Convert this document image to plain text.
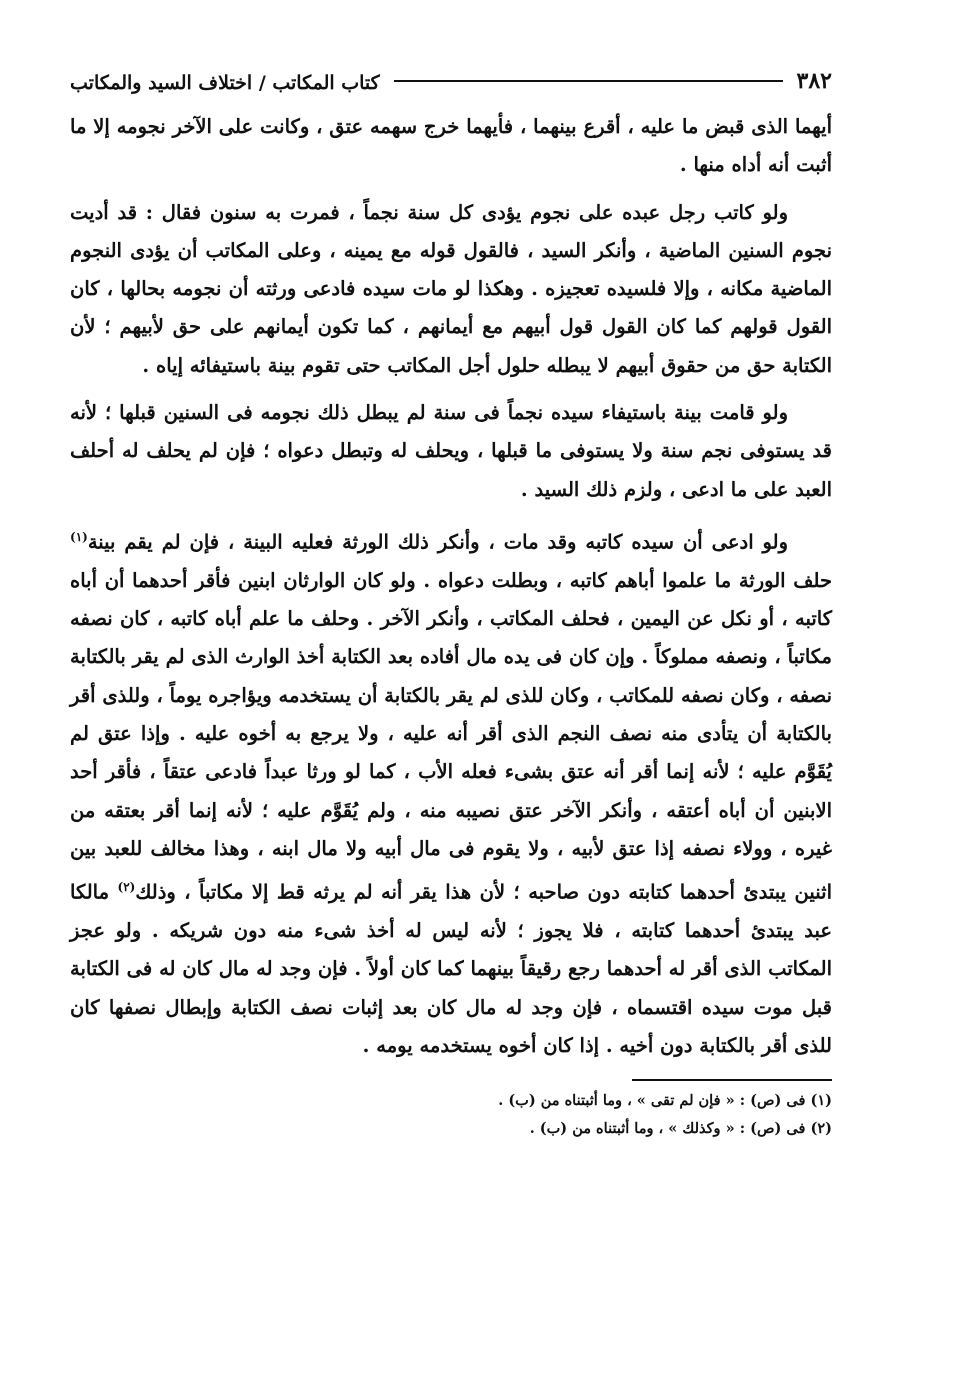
٣٨٢
كتاب المكاتب / اختلاف السيد والمكاتب

أيهما الذى قبض ما عليه ، أقرع بينهما ، فأيهما خرج سهمه عتق ، وكانت على الآخر نجومه إلا ما أثبت أنه أداه منها .

ولو كاتب رجل عبده على نجوم يؤدى كل سنة نجماً ، فمرت به سنون فقال : قد أديت نجوم السنين الماضية ، وأنكر السيد ، فالقول قوله مع يمينه ، وعلى المكاتب أن يؤدى النجوم الماضية مكانه ، وإلا فلسيده تعجيزه . وهكذا لو مات سيده فادعى ورثته أن نجومه بحالها ، كان القول قولهم كما كان القول قول أبيهم مع أيمانهم ، كما تكون أيمانهم على حق لأبيهم ؛ لأن الكتابة حق من حقوق أبيهم لا يبطله حلول أجل المكاتب حتى تقوم بينة باستيفائه إياه .

ولو قامت بينة باستيفاء سيده نجماً فى سنة لم يبطل ذلك نجومه فى السنين قبلها ؛ لأنه قد يستوفى نجم سنة ولا يستوفى ما قبلها ، ويحلف له وتبطل دعواه ؛ فإن لم يحلف له أحلف العبد على ما ادعى ، ولزم ذلك السيد .

ولو ادعى أن سيده كاتبه وقد مات ، وأنكر ذلك الورثة فعليه البينة ، فإن لم يقم بينة$^{(١)}$ حلف الورثة ما علموا أباهم كاتبه ، وبطلت دعواه . ولو كان الوارثان ابنين فأقر أحدهما أن أباه كاتبه ، أو نكل عن اليمين ، فحلف المكاتب ، وأنكر الآخر . وحلف ما علم أباه كاتبه ، كان نصفه مكاتباً ، ونصفه مملوكاً . وإن كان فى يده مال أفاده بعد الكتابة أخذ الوارث الذى لم يقر بالكتابة نصفه ، وكان نصفه للمكاتب ، وكان للذى لم يقر بالكتابة أن يستخدمه ويؤاجره يوماً ، وللذى أقر بالكتابة أن يتأدى منه نصف النجم الذى أقر أنه عليه ، ولا يرجع به أخوه عليه . وإذا عتق لم يُقَوَّم عليه ؛ لأنه إنما أقر أنه عتق بشىء فعله الأب ، كما لو ورثا عبداً فادعى عتقاً ، فأقر أحد الابنين أن أباه أعتقه ، وأنكر الآخر عتق نصيبه منه ، ولم يُقَوَّم عليه ؛ لأنه إنما أقر بعتقه من غيره ، وولاء نصفه إذا عتق لأبيه ، ولا يقوم فى مال أبيه ولا مال ابنه ، وهذا مخالف للعبد بين اثنين يبتدئ أحدهما كتابته دون صاحبه ؛ لأن هذا يقر أنه لم يرثه قط إلا مكاتباً ، وذلك$^{(٢)}$ مالكا عبد يبتدئ أحدهما كتابته ، فلا يجوز ؛ لأنه ليس له أخذ شىء منه دون شريكه . ولو عجز المكاتب الذى أقر له أحدهما رجع رقيقاً بينهما كما كان أولاً . فإن وجد له مال كان له فى الكتابة قبل موت سيده اقتسماه ، فإن وجد له مال كان بعد إثبات نصف الكتابة وإبطال نصفها كان للذى أقر بالكتابة دون أخيه . إذا كان أخوه يستخدمه يومه .

(١) فى (ص) : « فإن لم تقى » ، وما أثبتناه من (ب) .

(٢) فى (ص) : « وكذلك » ، وما أثبتناه من (ب) .
